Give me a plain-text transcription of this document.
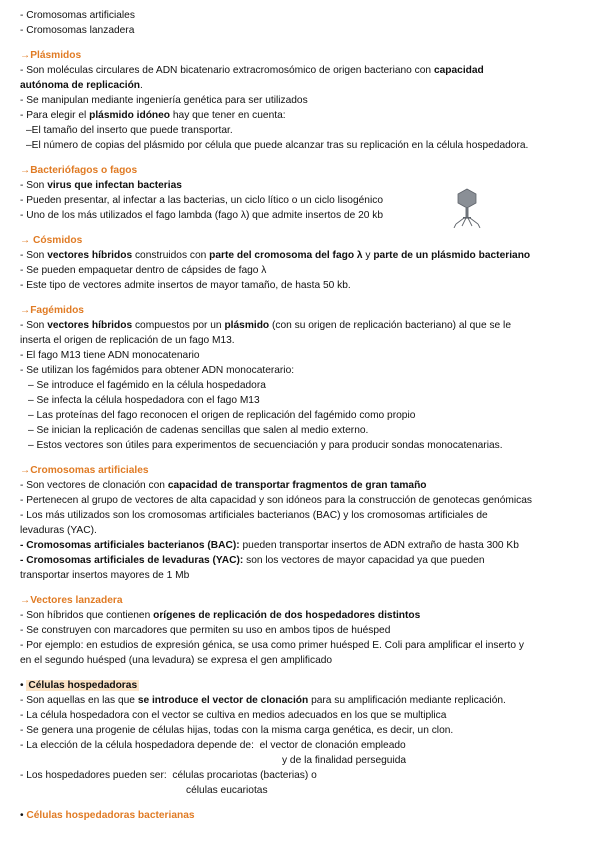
- Cromosomas artificiales
- Cromosomas lanzadera
→Plásmidos
- Son moléculas circulares de ADN bicatenario extracromosómico de origen bacteriano con capacidad
autónoma de replicación.
- Se manipulan mediante ingeniería genética para ser utilizados
- Para elegir el plásmido idóneo hay que tener en cuenta:
–El tamaño del inserto que puede transportar.
–El número de copias del plásmido por célula que puede alcanzar tras su replicación en la célula hospedadora.
→Bacteriófagos o fagos
- Son virus que infectan bacterias
- Pueden presentar, al infectar a las bacterias, un ciclo lítico o un ciclo lisogénico
- Uno de los más utilizados el fago lambda (fago λ) que admite insertos de 20 kb
→ Cósmidos
- Son vectores híbridos construidos con parte del cromosoma del fago λ y parte de un plásmido bacteriano
- Se pueden empaquetar dentro de cápsides de fago λ
- Este tipo de vectores admite insertos de mayor tamaño, de hasta 50 kb.
→Fagémidos
- Son vectores híbridos compuestos por un plásmido (con su origen de replicación bacteriano) al que se le
inserta el origen de replicación de un fago M13.
- El fago M13 tiene ADN monocatenario
- Se utilizan los fagémidos para obtener ADN monocaterario:
– Se introduce el fagémido en la célula hospedadora
– Se infecta la célula hospedadora con el fago M13
– Las proteínas del fago reconocen el origen de replicación del fagémido como propio
– Se inician la replicación de cadenas sencillas que salen al medio externo.
– Estos vectores son útiles para experimentos de secuenciación y para producir sondas monocatenarias.
→Cromosomas artificiales
- Son vectores de clonación con capacidad de transportar fragmentos de gran tamaño
- Pertenecen al grupo de vectores de alta capacidad y son idóneos para la construcción de genotecas genómicas
- Los más utilizados son los cromosomas artificiales bacterianos (BAC) y los cromosomas artificiales de
levaduras (YAC).
- Cromosomas artificiales bacterianos (BAC): pueden transportar insertos de ADN extraño de hasta 300 Kb
- Cromosomas artificiales de levaduras (YAC): son los vectores de mayor capacidad ya que pueden
transportar insertos mayores de 1 Mb
→Vectores lanzadera
- Son híbridos que contienen orígenes de replicación de dos hospedadores distintos
- Se construyen con marcadores que permiten su uso en ambos tipos de huésped
- Por ejemplo: en estudios de expresión génica, se usa como primer huésped E. Coli para amplificar el inserto y
en el segundo huésped (una levadura) se expresa el gen amplificado
• Células hospedadoras
- Son aquellas en las que se introduce el vector de clonación para su amplificación mediante replicación.
- La célula hospedadora con el vector se cultiva en medios adecuados en los que se multiplica
- Se genera una progenie de células hijas, todas con la misma carga genética, es decir, un clon.
- La elección de la célula hospedadora depende de: el vector de clonación empleado
y de la finalidad perseguida
- Los hospedadores pueden ser: células procariotas (bacterias) o
células eucariotas
• Células hospedadoras bacterianas
